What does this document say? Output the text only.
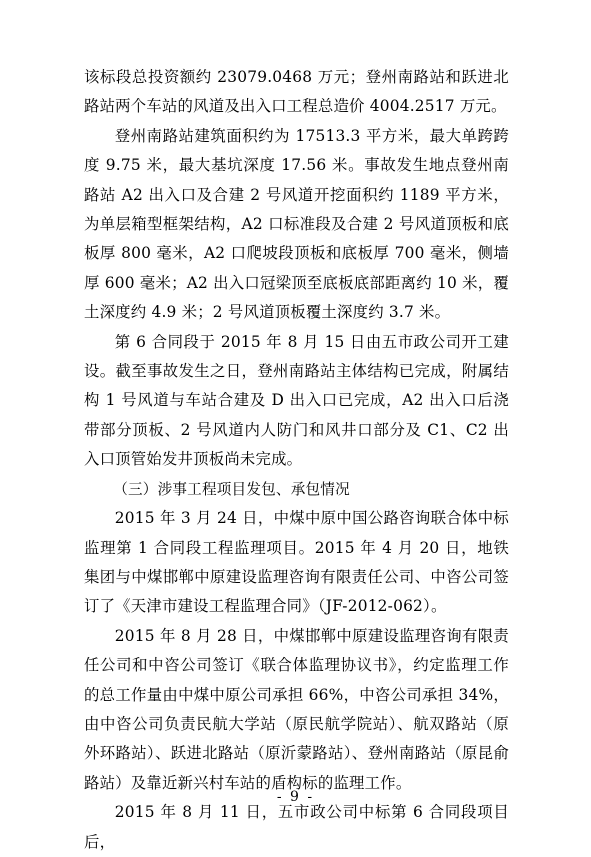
该标段总投资额约 23079.0468 万元；登州南路站和跃进北路站两个车站的风道及出入口工程总造价 4004.2517 万元。

登州南路站建筑面积约为 17513.3 平方米，最大单跨跨度 9.75 米，最大基坑深度 17.56 米。事故发生地点登州南路站 A2 出入口及合建 2 号风道开挖面积约 1189 平方米，为单层箱型框架结构，A2 口标准段及合建 2 号风道顶板和底板厚 800 毫米，A2 口爬坡段顶板和底板厚 700 毫米，侧墙厚 600 毫米；A2 出入口冠梁顶至底板底部距离约 10 米，覆土深度约 4.9 米；2 号风道顶板覆土深度约 3.7 米。

第 6 合同段于 2015 年 8 月 15 日由五市政公司开工建设。截至事故发生之日，登州南路站主体结构已完成，附属结构 1 号风道与车站合建及 D 出入口已完成，A2 出入口后浇带部分顶板、2 号风道内人防门和风井口部分及 C1、C2 出入口顶管始发井顶板尚未完成。

（三）涉事工程项目发包、承包情况

2015 年 3 月 24 日，中煤中原中国公路咨询联合体中标监理第 1 合同段工程监理项目。2015 年 4 月 20 日，地铁集团与中煤邯郸中原建设监理咨询有限责任公司、中咨公司签订了《天津市建设工程监理合同》（JF-2012-062）。

2015 年 8 月 28 日，中煤邯郸中原建设监理咨询有限责任公司和中咨公司签订《联合体监理协议书》，约定监理工作的总工作量由中煤中原公司承担 66%，中咨公司承担 34%，由中咨公司负责民航大学站（原民航学院站）、航双路站（原外环路站）、跃进北路站（原沂蒙路站）、登州南路站（原昆俞路站）及靠近新兴村车站的盾构标的监理工作。

2015 年 8 月 11 日，五市政公司中标第 6 合同段项目后，

- 9 -
